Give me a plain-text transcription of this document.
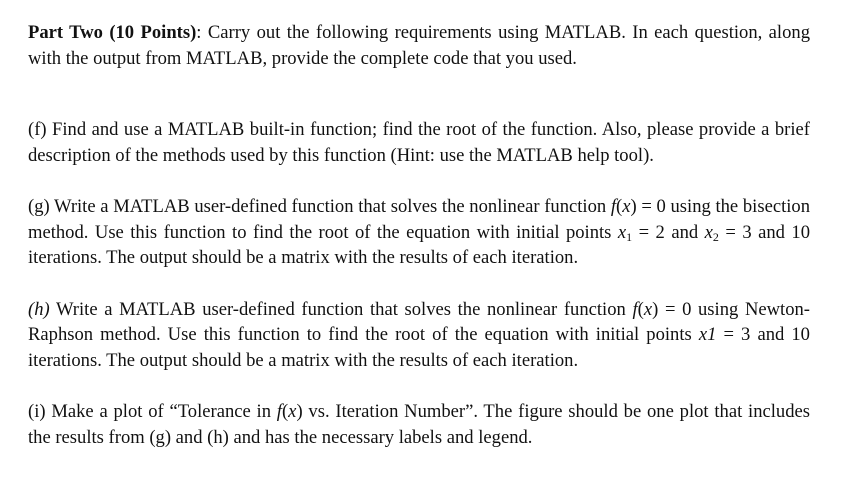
Part Two (10 Points): Carry out the following requirements using MATLAB. In each question, along with the output from MATLAB, provide the complete code that you used.

(f) Find and use a MATLAB built-in function; find the root of the function. Also, please provide a brief description of the methods used by this function (Hint: use the MATLAB help tool).

(g) Write a MATLAB user-defined function that solves the nonlinear function f(x) = 0 using the bisection method. Use this function to find the root of the equation with initial points $x_1 = 2$ and $x_2 = 3$ and 10 iterations. The output should be a matrix with the results of each iteration.

(h) Write a MATLAB user-defined function that solves the nonlinear function f(x) = 0 using Newton-Raphson method. Use this function to find the root of the equation with initial points x1 = 3 and 10 iterations. The output should be a matrix with the results of each iteration.

(i) Make a plot of “Tolerance in f(x) vs. Iteration Number”. The figure should be one plot that includes the results from (g) and (h) and has the necessary labels and legend.
